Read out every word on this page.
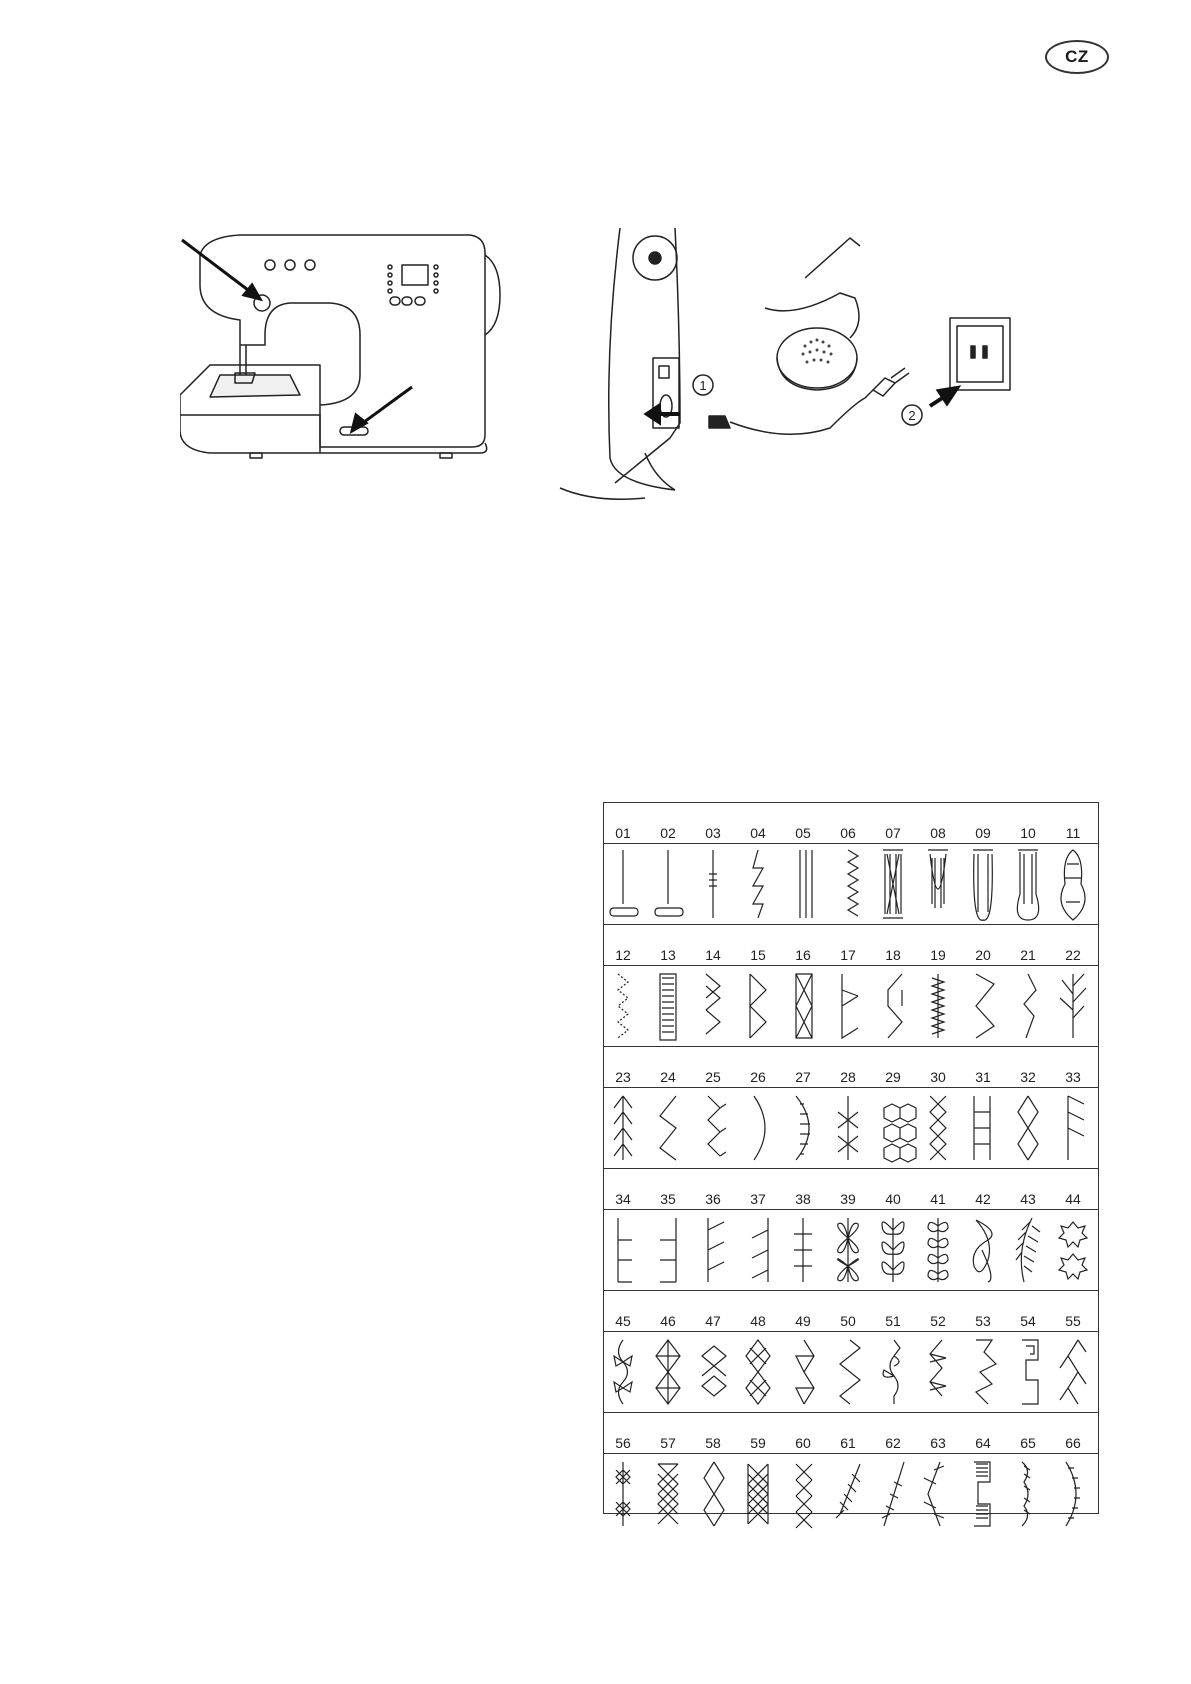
CZ
1
2
01	02	03	04	05	06	07	08	09	10	11
12	13	14	15	16	17	18	19	20	21	22
23	24	25	26	27	28	29	30	31	32	33
34	35	36	37	38	39	40	41	42	43	44
45	46	47	48	49	50	51	52	53	54	55
56	57	58	59	60	61	62	63	64	65	66
